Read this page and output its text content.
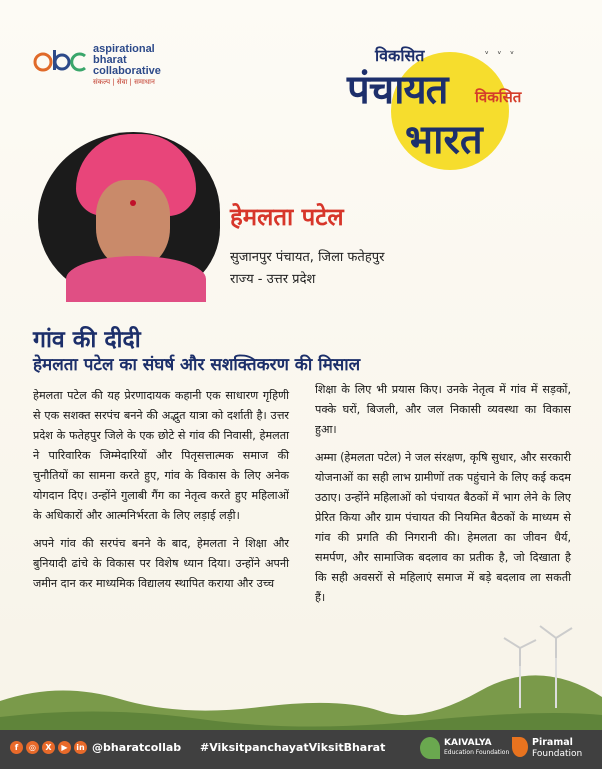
aspirational
bharat
collaborative
संकल्प | सेवा | समाधान
ᵛ ᵛ ᵛ
विकसित
पंचायत विकसित
भारत
हेमलता पटेल
सुजानपुर पंचायत, जिला फतेहपुर
राज्य - उत्तर प्रदेश
गांव की दीदी
हेमलता पटेल का संघर्ष और सशक्तिकरण की मिसाल

हेमलता पटेल की यह प्रेरणादायक कहानी एक साधारण गृहिणी से एक सशक्त सरपंच बनने की अद्भुत यात्रा को दर्शाती है। उत्तर प्रदेश के फतेहपुर जिले के एक छोटे से गांव की निवासी, हेमलता ने पारिवारिक जिम्मेदारियों और पितृसत्तात्मक समाज की चुनौतियों का सामना करते हुए, गांव के विकास के लिए अनेक योगदान दिए। उन्होंने गुलाबी गैंग का नेतृत्व करते हुए महिलाओं के अधिकारों और आत्मनिर्भरता के लिए लड़ाई लड़ी।

अपने गांव की सरपंच बनने के बाद, हेमलता ने शिक्षा और बुनियादी ढांचे के विकास पर विशेष ध्यान दिया। उन्होंने अपनी जमीन दान कर माध्यमिक विद्यालय स्थापित कराया और उच्च

शिक्षा के लिए भी प्रयास किए। उनके नेतृत्व में गांव में सड़कों, पक्के घरों, बिजली, और जल निकासी व्यवस्था का विकास हुआ।

अम्मा (हेमलता पटेल) ने जल संरक्षण, कृषि सुधार, और सरकारी योजनाओं का सही लाभ ग्रामीणों तक पहुंचाने के लिए कई कदम उठाए। उन्होंने महिलाओं को पंचायत बैठकों में भाग लेने के लिए प्रेरित किया और ग्राम पंचायत की नियमित बैठकों के माध्यम से गांव की प्रगति की निगरानी की। हेमलता का जीवन धैर्य, समर्पण, और सामाजिक बदलाव का प्रतीक है, जो दिखाता है कि सही अवसरों से महिलाएं समाज में बड़े बदलाव ला सकती हैं।

f	◎	X	▶	in @bharatcollab #ViksitpanchayatViksitBharat	KAIVALYA
Education Foundation
Piramal
Foundation
